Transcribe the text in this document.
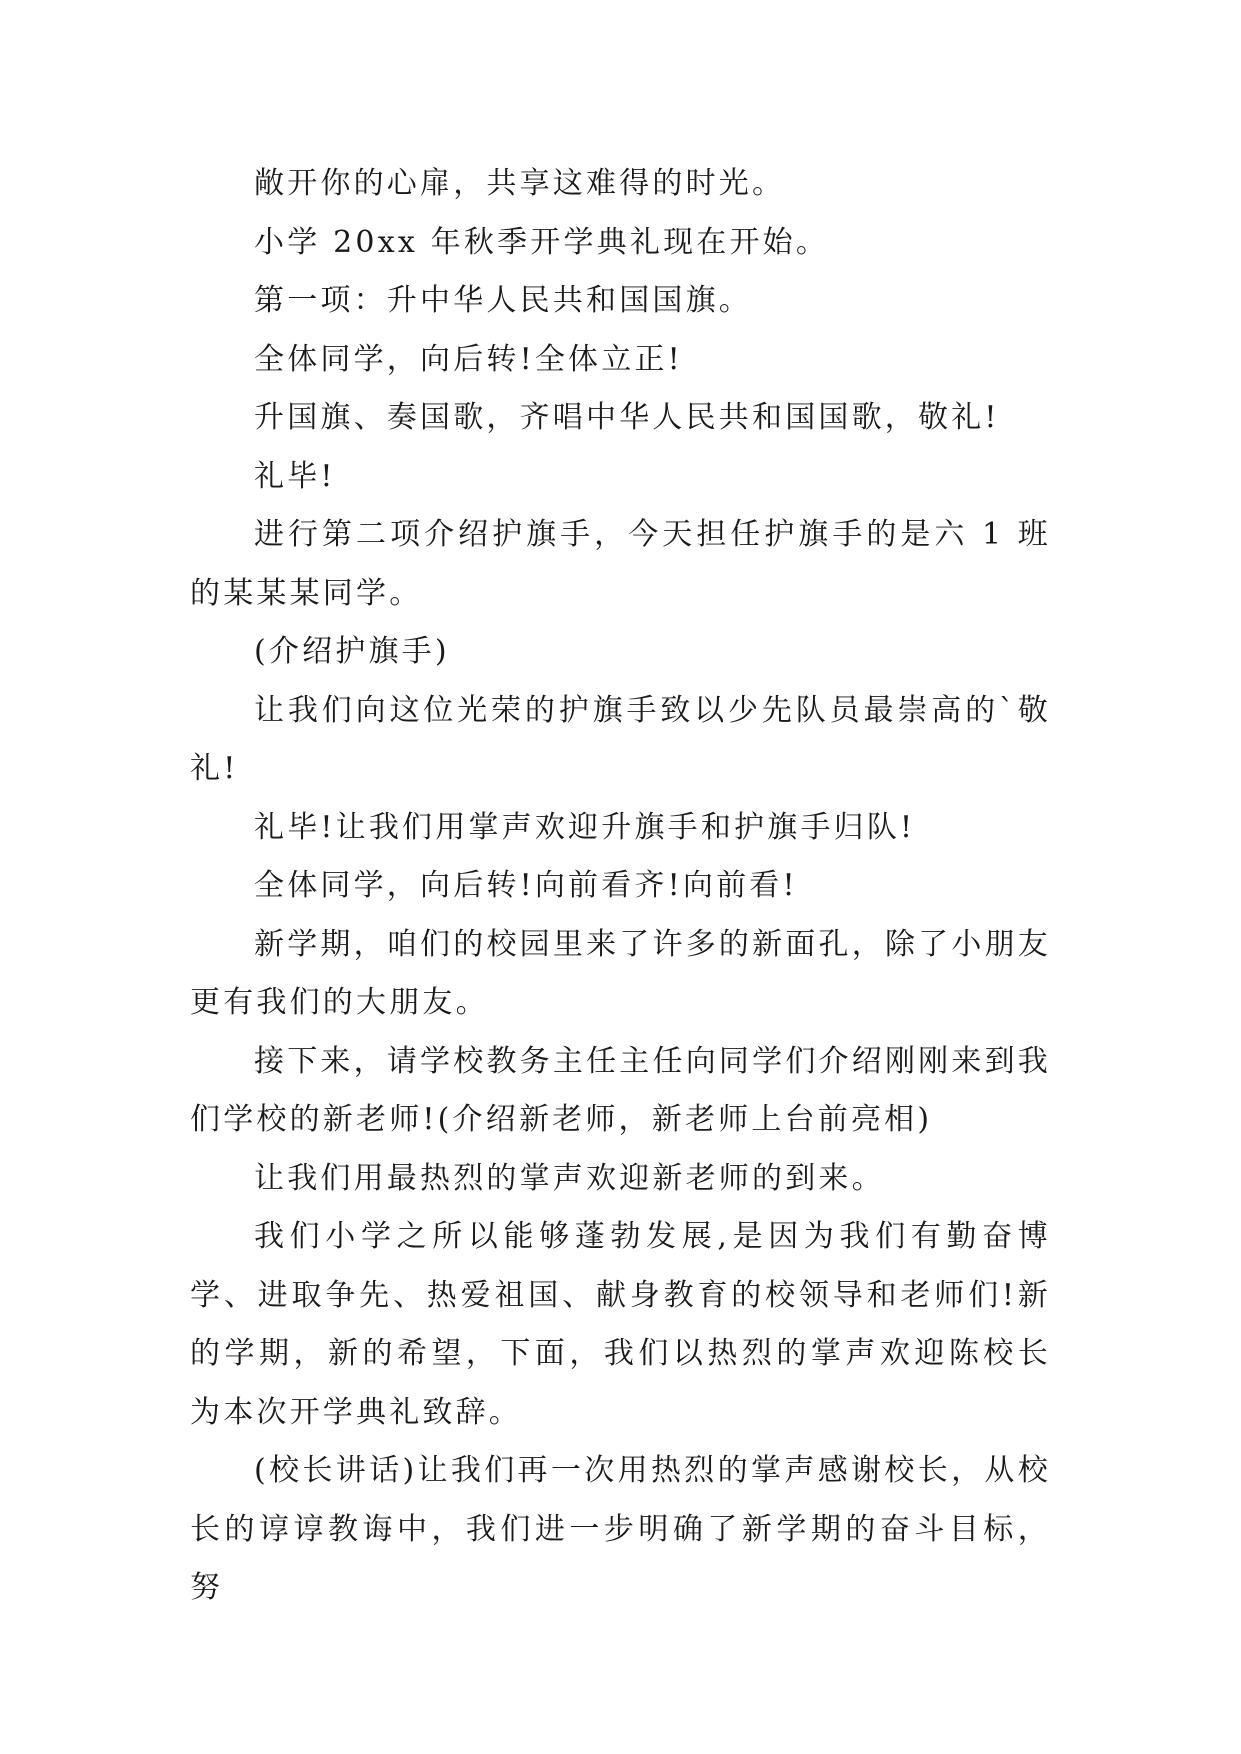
敞开你的心扉，共享这难得的时光。

小学 20xx 年秋季开学典礼现在开始。

第一项：升中华人民共和国国旗。

全体同学，向后转!全体立正!

升国旗、奏国歌，齐唱中华人民共和国国歌，敬礼!

礼毕!

进行第二项介绍护旗手，今天担任护旗手的是六 1 班的某某某同学。

(介绍护旗手)

让我们向这位光荣的护旗手致以少先队员最崇高的`敬礼!

礼毕!让我们用掌声欢迎升旗手和护旗手归队!

全体同学，向后转!向前看齐!向前看!

新学期，咱们的校园里来了许多的新面孔，除了小朋友更有我们的大朋友。

接下来，请学校教务主任主任向同学们介绍刚刚来到我们学校的新老师!(介绍新老师，新老师上台前亮相)

让我们用最热烈的掌声欢迎新老师的到来。

我们小学之所以能够蓬勃发展,是因为我们有勤奋博学、进取争先、热爱祖国、献身教育的校领导和老师们!新的学期，新的希望，下面，我们以热烈的掌声欢迎陈校长为本次开学典礼致辞。

(校长讲话)让我们再一次用热烈的掌声感谢校长，从校长的谆谆教诲中，我们进一步明确了新学期的奋斗目标，努
